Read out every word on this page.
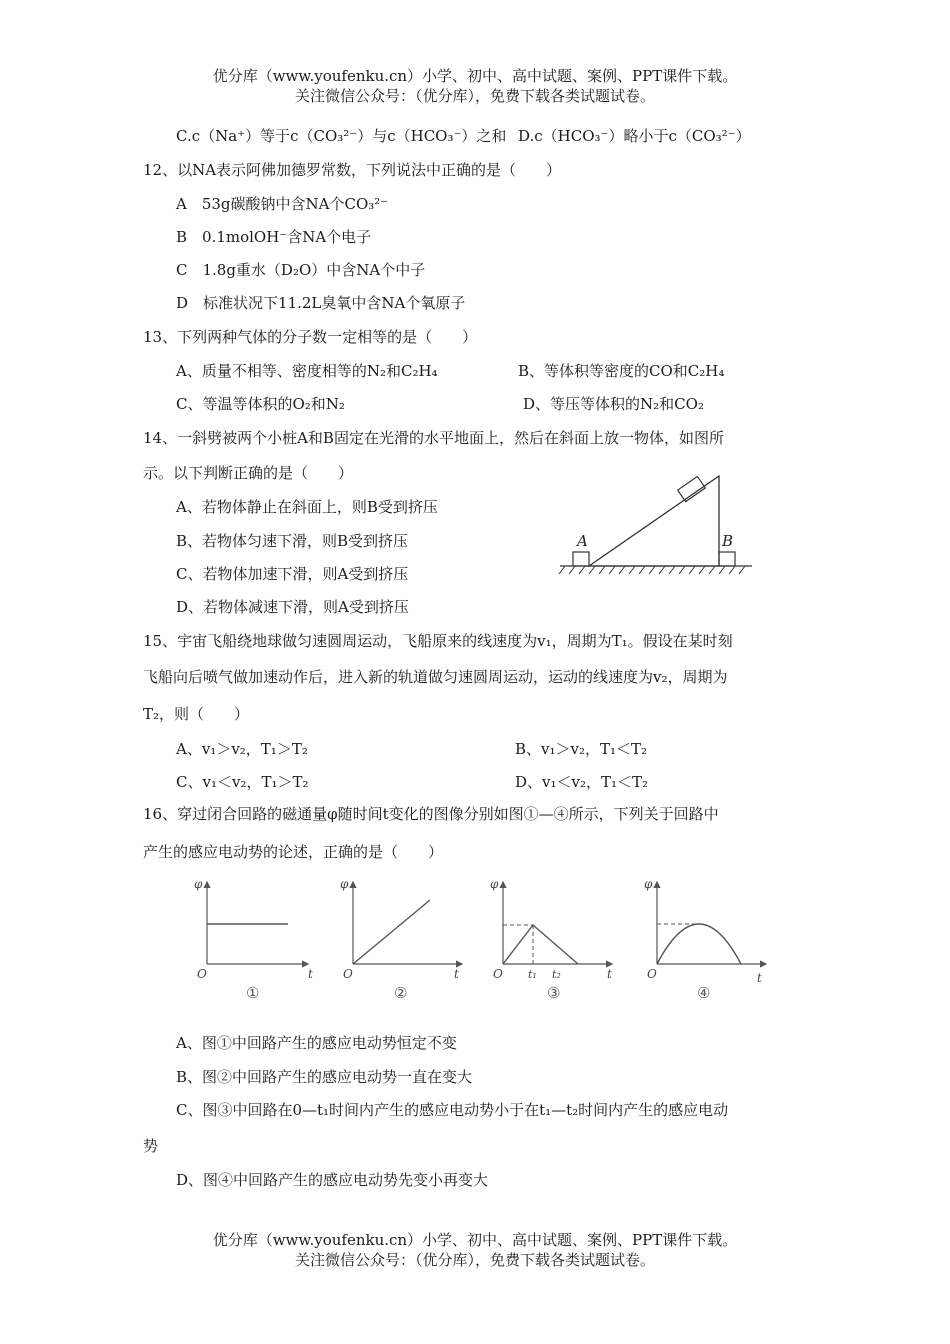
优分库（www.youfenku.cn）小学、初中、高中试题、案例、PPT课件下载。
关注微信公众号：（优分库），免费下载各类试题试卷。
C.c（Na⁺）等于c（CO₃²⁻）与c（HCO₃⁻）之和 D.c（HCO₃⁻）略小于c（CO₃²⁻）
12、以NA表示阿佛加德罗常数，下列说法中正确的是（　　）
A　53g碳酸钠中含NA个CO₃²⁻
B　0.1molOH⁻含NA个电子
C　1.8g重水（D₂O）中含NA个中子
D　标准状况下11.2L臭氧中含NA个氧原子
13、下列两种气体的分子数一定相等的是（　　）
A、质量不相等、密度相等的N₂和C₂H₄	B、等体积等密度的CO和C₂H₄
C、等温等体积的O₂和N₂	D、等压等体积的N₂和CO₂
14、一斜劈被两个小桩A和B固定在光滑的水平地面上，然后在斜面上放一物体，如图所
示。以下判断正确的是（　　）
A、若物体静止在斜面上，则B受到挤压
B、若物体匀速下滑，则B受到挤压
C、若物体加速下滑，则A受到挤压
D、若物体减速下滑，则A受到挤压
A	B
15、宇宙飞船绕地球做匀速圆周运动，飞船原来的线速度为v₁，周期为T₁。假设在某时刻
飞船向后喷气做加速动作后，进入新的轨道做匀速圆周运动，运动的线速度为v₂，周期为
T₂，则（　　）
A、v₁＞v₂，T₁＞T₂	B、v₁＞v₂，T₁＜T₂
C、v₁＜v₂，T₁＞T₂	D、v₁＜v₂，T₁＜T₂
16、穿过闭合回路的磁通量φ随时间t变化的图像分别如图①—④所示，下列关于回路中
产生的感应电动势的论述，正确的是（　　）
φ
t
O
①
φ
t
O
②
φ
t
O t₁ t₂
③
φ
t
O
④
A、图①中回路产生的感应电动势恒定不变
B、图②中回路产生的感应电动势一直在变大
C、图③中回路在0—t₁时间内产生的感应电动势小于在t₁—t₂时间内产生的感应电动
势
D、图④中回路产生的感应电动势先变小再变大
优分库（www.youfenku.cn）小学、初中、高中试题、案例、PPT课件下载。
关注微信公众号：（优分库），免费下载各类试题试卷。
